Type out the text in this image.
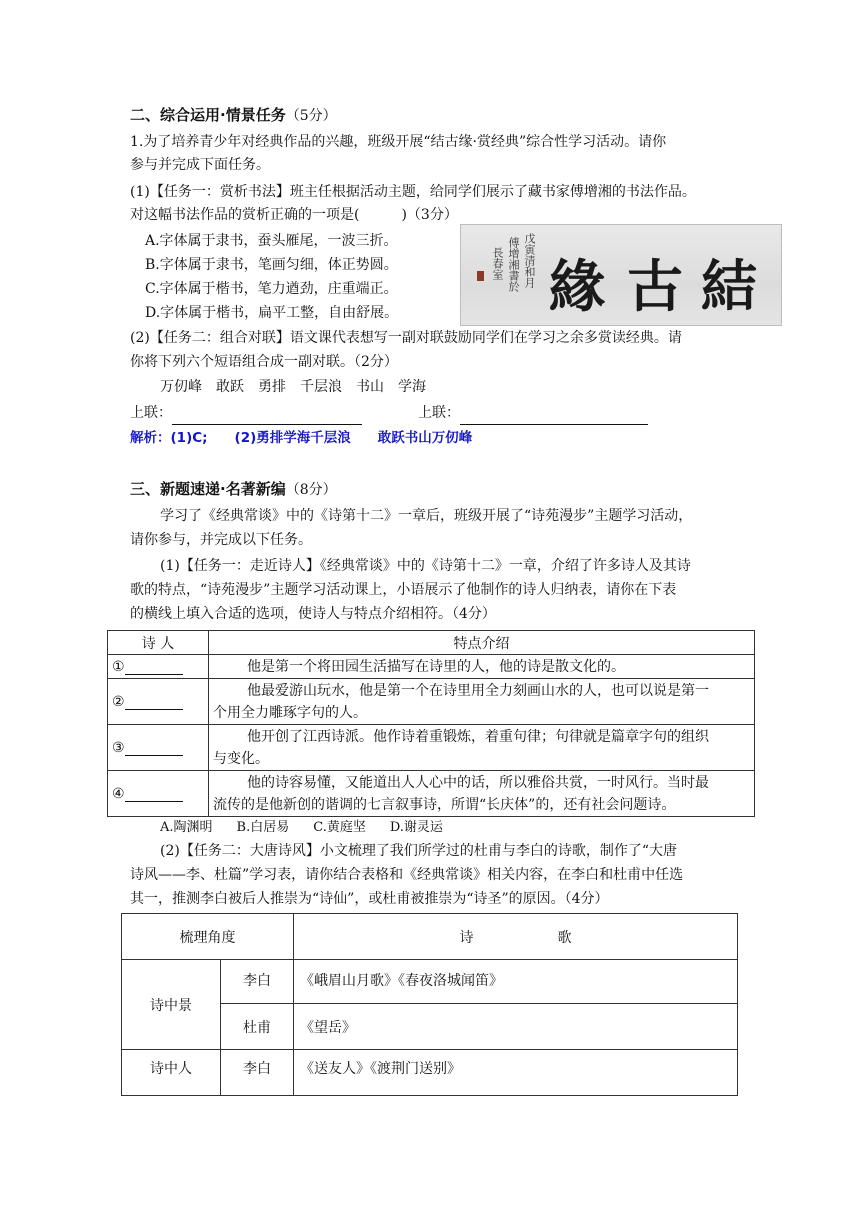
二、综合运用·情景任务（5分）
1.为了培养青少年对经典作品的兴趣，班级开展“结古缘·赏经典”综合性学习活动。请你
参与并完成下面任务。
(1)【任务一：赏析书法】班主任根据活动主题，给同学们展示了藏书家傅增湘的书法作品。
对这幅书法作品的赏析正确的一项是(　　　)（3分）
A.字体属于隶书，蚕头雁尾，一波三折。
B.字体属于隶书，笔画匀细，体正势圆。
C.字体属于楷书，笔力遒劲，庄重端正。
D.字体属于楷书，扁平工整，自由舒展。
戊寅清和月
傅增湘書於
長春室 緣 古 結
(2)【任务二：组合对联】语文课代表想写一副对联鼓励同学们在学习之余多赏读经典。请
你将下列六个短语组合成一副对联。（2分）
万仞峰　敢跃　勇排　千层浪　书山　学海
上联：	上联：
解析：(1)C;　　(2)勇排学海千层浪　　敢跃书山万仞峰
三、新题速递·名著新编（8分）
学习了《经典常谈》中的《诗第十二》一章后，班级开展了“诗苑漫步”主题学习活动，
请你参与，并完成以下任务。
(1)【任务一：走近诗人】《经典常谈》中的《诗第十二》一章，介绍了许多诗人及其诗
歌的特点，“诗苑漫步”主题学习活动课上，小语展示了他制作的诗人归纳表，请你在下表
的横线上填入合适的选项，使诗人与特点介绍相符。（4分）
诗 人	特点介绍
①	他是第一个将田园生活描写在诗里的人，他的诗是散文化的。
②	他最爱游山玩水，他是第一个在诗里用全力刻画山水的人，也可以说是第一
个用全力雕琢字句的人。

③	他开创了江西诗派。他作诗着重锻炼，着重句律；句律就是篇章字句的组织
与变化。

④	他的诗容易懂，又能道出人人心中的话，所以雅俗共赏，一时风行。当时最
流传的是他新创的谐调的七言叙事诗，所谓“长庆体”的，还有社会问题诗。
A.陶渊明 B.白居易 C.黄庭坚 D.谢灵运
(2)【任务二：大唐诗风】小文梳理了我们所学过的杜甫与李白的诗歌，制作了“大唐
诗风——李、杜篇”学习表，请你结合表格和《经典常谈》相关内容，在李白和杜甫中任选
其一，推测李白被后人推崇为“诗仙”，或杜甫被推崇为“诗圣”的原因。（4分）
梳理角度		诗　　　　　　歌
诗中景	李白	《峨眉山月歌》《春夜洛城闻笛》
	杜甫	《望岳》
诗中人	李白	《送友人》《渡荆门送别》
